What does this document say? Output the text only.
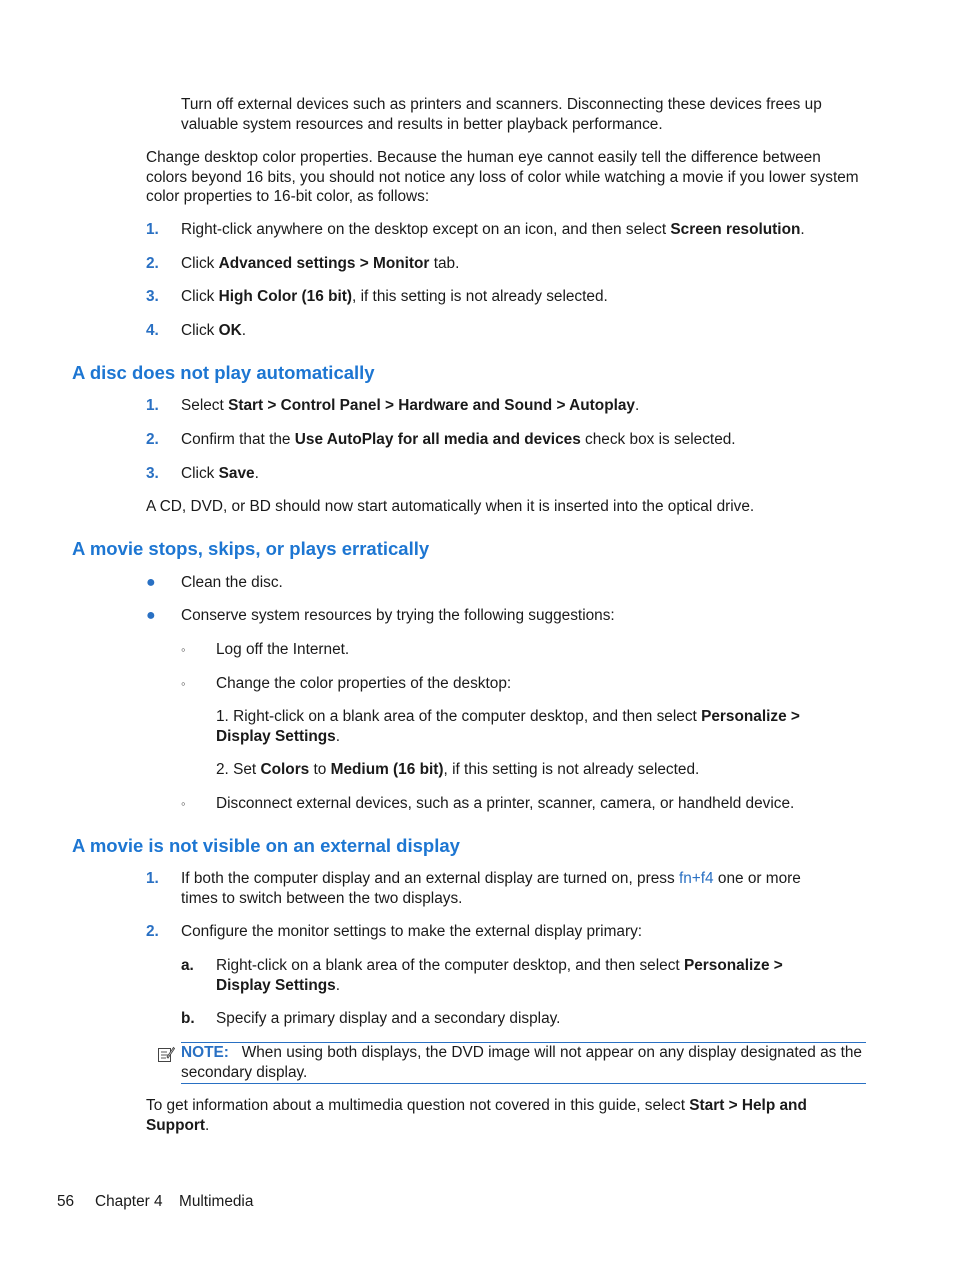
Turn off external devices such as printers and scanners. Disconnecting these devices frees up valuable system resources and results in better playback performance.
Change desktop color properties. Because the human eye cannot easily tell the difference between colors beyond 16 bits, you should not notice any loss of color while watching a movie if you lower system color properties to 16-bit color, as follows:
1. Right-click anywhere on the desktop except on an icon, and then select Screen resolution.
2. Click Advanced settings > Monitor tab.
3. Click High Color (16 bit), if this setting is not already selected.
4. Click OK.
A disc does not play automatically
1. Select Start > Control Panel > Hardware and Sound > Autoplay.
2. Confirm that the Use AutoPlay for all media and devices check box is selected.
3. Click Save.
A CD, DVD, or BD should now start automatically when it is inserted into the optical drive.
A movie stops, skips, or plays erratically
● Clean the disc.
● Conserve system resources by trying the following suggestions:
◦ Log off the Internet.
◦ Change the color properties of the desktop:
1. Right-click on a blank area of the computer desktop, and then select Personalize > Display Settings.
2. Set Colors to Medium (16 bit), if this setting is not already selected.
◦ Disconnect external devices, such as a printer, scanner, camera, or handheld device.
A movie is not visible on an external display
1. If both the computer display and an external display are turned on, press fn+f4 one or more times to switch between the two displays.
2. Configure the monitor settings to make the external display primary:
a. Right-click on a blank area of the computer desktop, and then select Personalize > Display Settings.
b. Specify a primary display and a secondary display.
NOTE: When using both displays, the DVD image will not appear on any display designated as the secondary display.
To get information about a multimedia question not covered in this guide, select Start > Help and Support.
56 Chapter 4 Multimedia
